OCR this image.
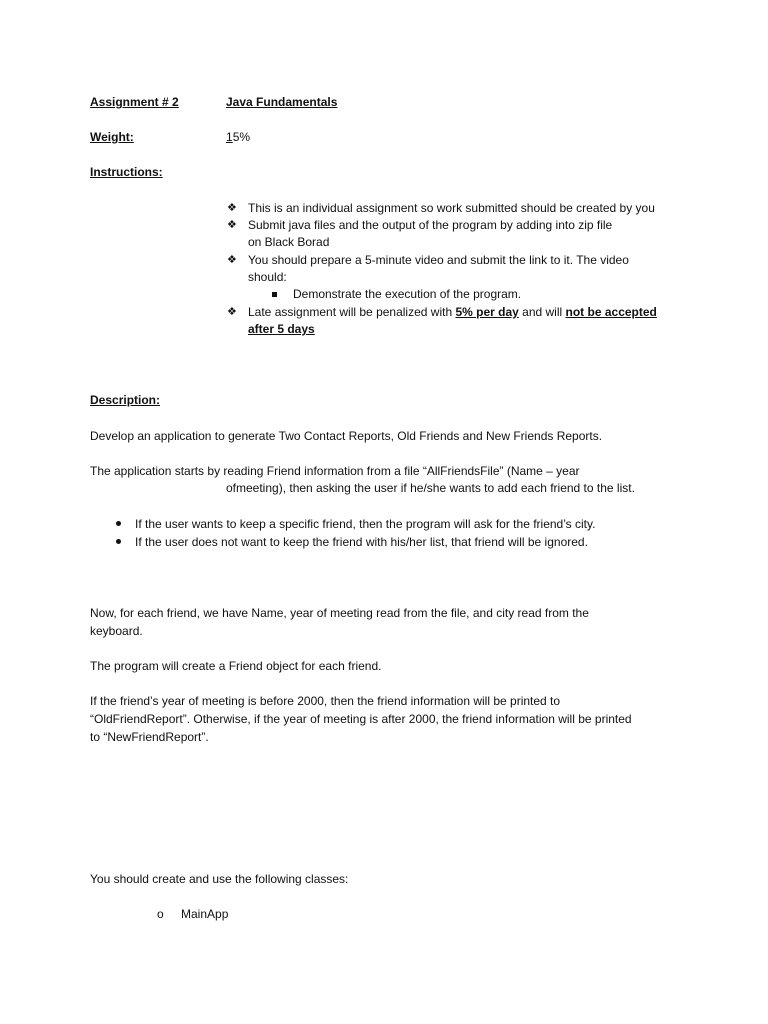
Assignment # 2	Java Fundamentals
Weight:	15%
Instructions:
❖ This is an individual assignment so work submitted should be created by you
❖ Submit java files and the output of the program by adding into zip file
on Black Borad
❖ You should prepare a 5-minute video and submit the link to it. The video
should:
Demonstrate the execution of the program.
❖ Late assignment will be penalized with 5% per day and will not be accepted
after 5 days
Description:
Develop an application to generate Two Contact Reports, Old Friends and New Friends Reports.
The application starts by reading Friend information from a file “AllFriendsFile” (Name – year
ofmeeting), then asking the user if he/she wants to add each friend to the list.
If the user wants to keep a specific friend, then the program will ask for the friend’s city.
If the user does not want to keep the friend with his/her list, that friend will be ignored.
Now, for each friend, we have Name, year of meeting read from the file, and city read from the
keyboard.
The program will create a Friend object for each friend.
If the friend’s year of meeting is before 2000, then the friend information will be printed to
“OldFriendReport”. Otherwise, if the year of meeting is after 2000, the friend information will be printed
to “NewFriendReport”.
You should create and use the following classes:
o MainApp
